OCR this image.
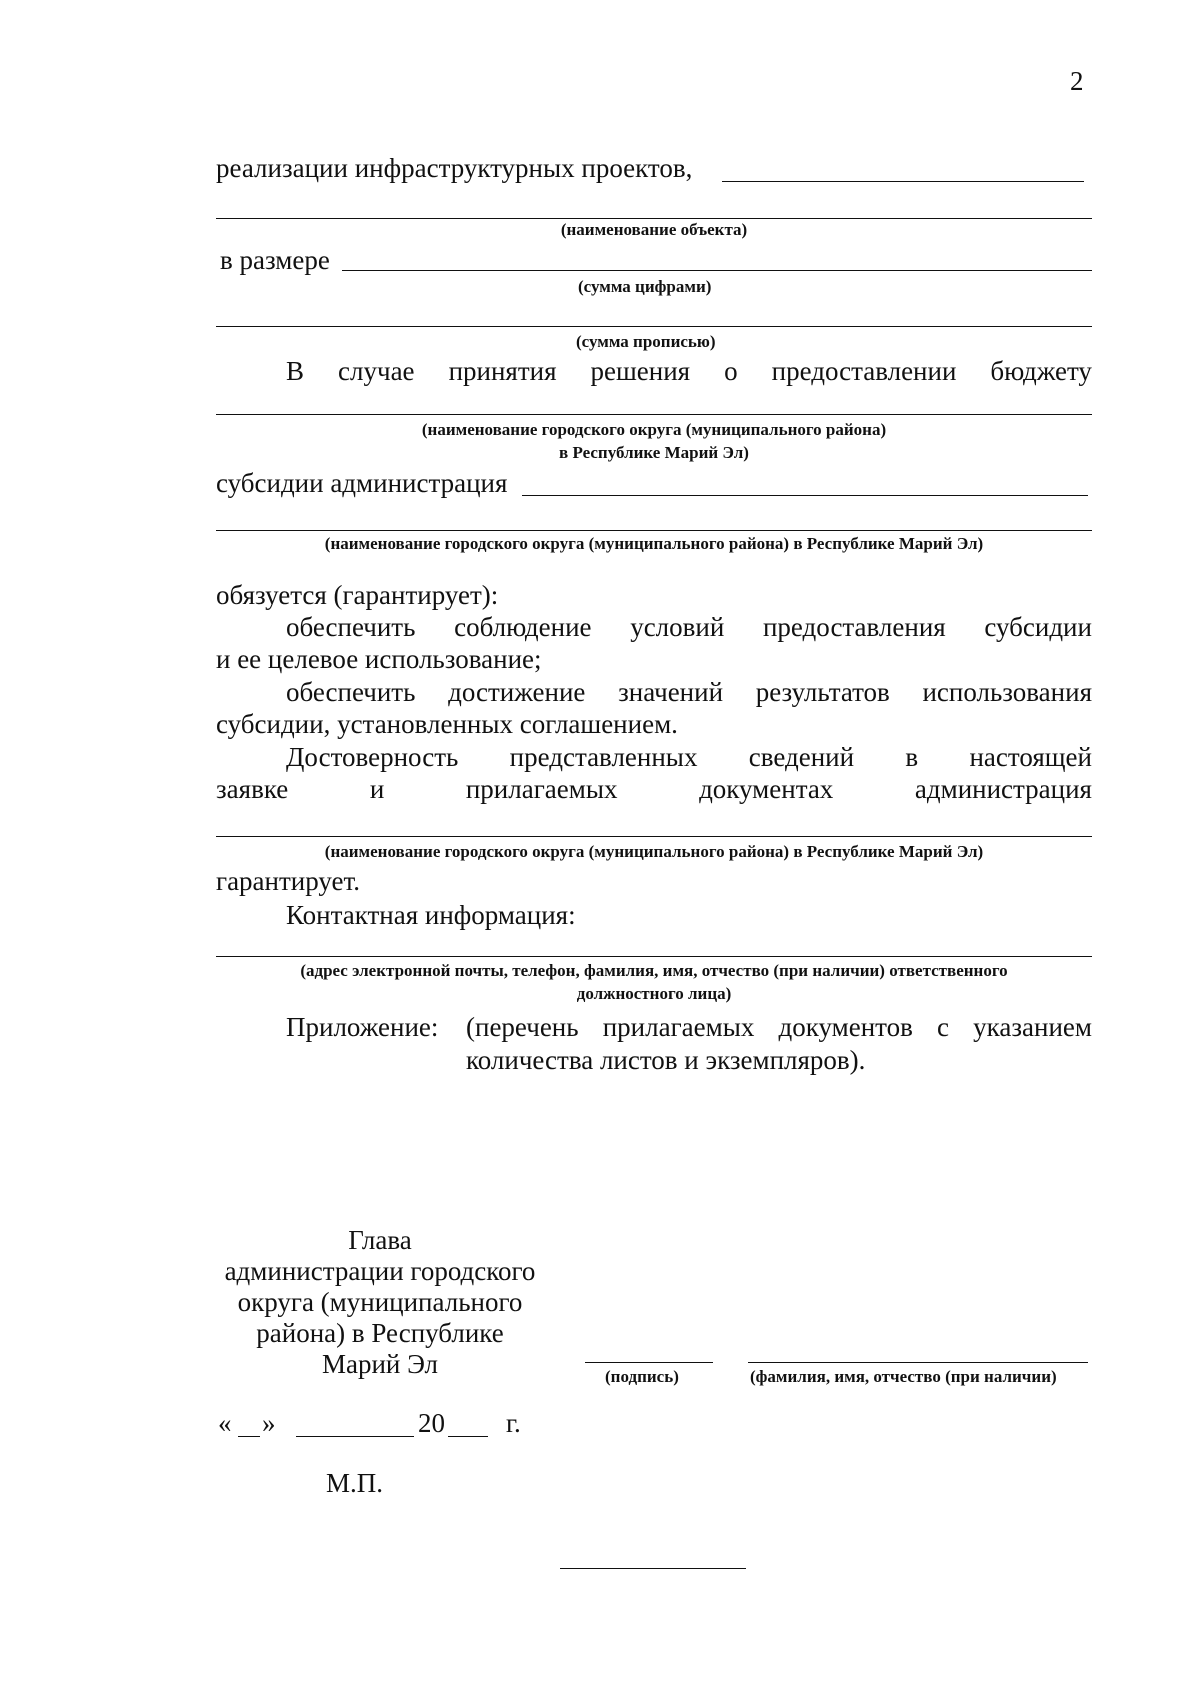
2
реализации инфраструктурных проектов,
(наименование объекта)
в размере
(сумма цифрами)
(сумма прописью)
В случае принятия решения о предоставлении бюджету
(наименование городского округа (муниципального района)
в Республике Марий Эл)
субсидии администрация
(наименование городского округа (муниципального района) в Республике Марий Эл)
обязуется (гарантирует):
обеспечить соблюдение условий предоставления субсидии
и ее целевое использование;
обеспечить достижение значений результатов использования
субсидии, установленных соглашением.
Достоверность представленных сведений в настоящей
заявке	и	прилагаемых	документах	администрация
(наименование городского округа (муниципального района) в Республике Марий Эл)
гарантирует.
Контактная информация:
(адрес электронной почты, телефон, фамилия, имя, отчество (при наличии) ответственного
должностного лица)
Приложение: (перечень прилагаемых документов с указанием
количества листов и экземпляров).
Глава
администрации городского
округа (муниципального
района) в Республике
Марий Эл	(подпись)	(фамилия, имя, отчество (при наличии)
« »	20 г.
М.П.
